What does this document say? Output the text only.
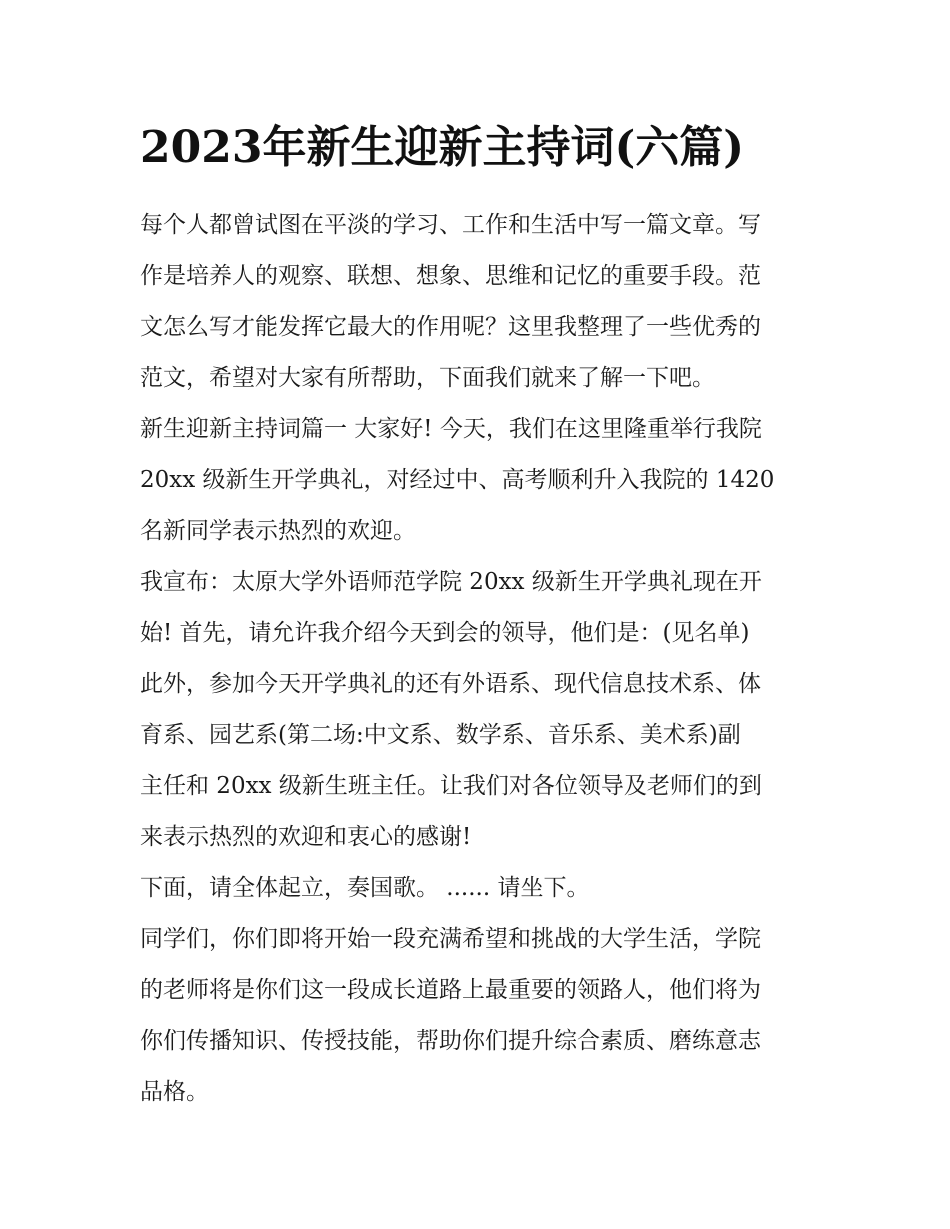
2023年新生迎新主持词(六篇)

每个人都曾试图在平淡的学习、工作和生活中写一篇文章。写

作是培养人的观察、联想、想象、思维和记忆的重要手段。范

文怎么写才能发挥它最大的作用呢？这里我整理了一些优秀的

范文，希望对大家有所帮助，下面我们就来了解一下吧。

新生迎新主持词篇一 大家好! 今天，我们在这里隆重举行我院

20xx 级新生开学典礼，对经过中、高考顺利升入我院的 1420

名新同学表示热烈的欢迎。

我宣布：太原大学外语师范学院 20xx 级新生开学典礼现在开

始! 首先，请允许我介绍今天到会的领导，他们是：(见名单)

此外，参加今天开学典礼的还有外语系、现代信息技术系、体

育系、园艺系(第二场:中文系、数学系、音乐系、美术系)副

主任和 20xx 级新生班主任。让我们对各位领导及老师们的到

来表示热烈的欢迎和衷心的感谢!

下面，请全体起立，奏国歌。 ...... 请坐下。

同学们，你们即将开始一段充满希望和挑战的大学生活，学院

的老师将是你们这一段成长道路上最重要的领路人，他们将为

你们传播知识、传授技能，帮助你们提升综合素质、磨练意志

品格。
